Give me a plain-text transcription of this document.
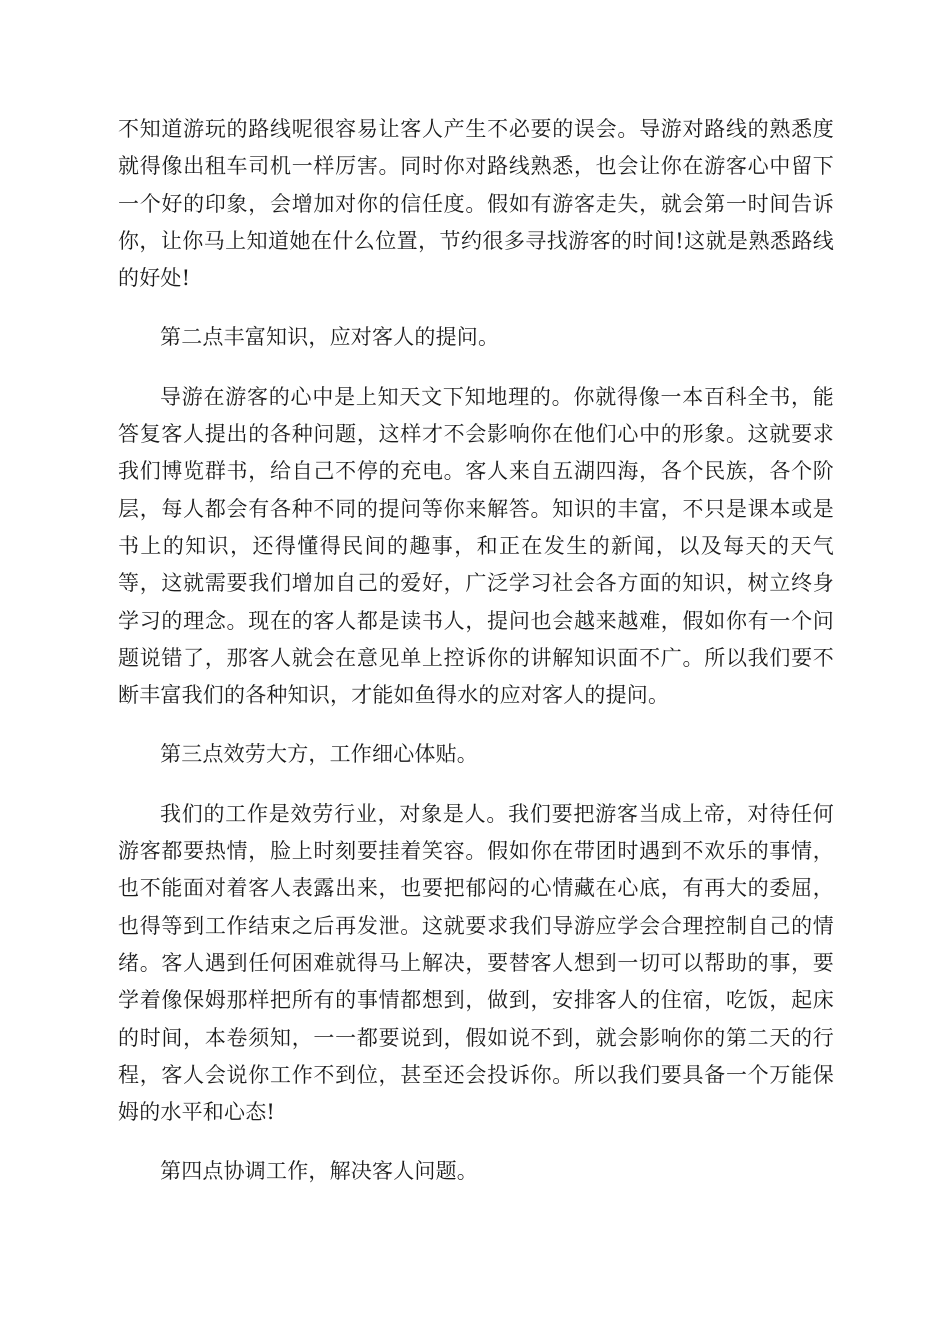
不知道游玩的路线呢很容易让客人产生不必要的误会。导游对路线的熟悉度就得像出租车司机一样厉害。同时你对路线熟悉，也会让你在游客心中留下一个好的印象，会增加对你的信任度。假如有游客走失，就会第一时间告诉你，让你马上知道她在什么位置，节约很多寻找游客的时间!这就是熟悉路线的好处!

第二点丰富知识，应对客人的提问。

导游在游客的心中是上知天文下知地理的。你就得像一本百科全书，能答复客人提出的各种问题，这样才不会影响你在他们心中的形象。这就要求我们博览群书，给自己不停的充电。客人来自五湖四海，各个民族，各个阶层，每人都会有各种不同的提问等你来解答。知识的丰富，不只是课本或是书上的知识，还得懂得民间的趣事，和正在发生的新闻，以及每天的天气等，这就需要我们增加自己的爱好，广泛学习社会各方面的知识，树立终身学习的理念。现在的客人都是读书人，提问也会越来越难，假如你有一个问题说错了，那客人就会在意见单上控诉你的讲解知识面不广。所以我们要不断丰富我们的各种知识，才能如鱼得水的应对客人的提问。

第三点效劳大方，工作细心体贴。

我们的工作是效劳行业，对象是人。我们要把游客当成上帝，对待任何游客都要热情，脸上时刻要挂着笑容。假如你在带团时遇到不欢乐的事情，也不能面对着客人表露出来，也要把郁闷的心情藏在心底，有再大的委屈，也得等到工作结束之后再发泄。这就要求我们导游应学会合理控制自己的情绪。客人遇到任何困难就得马上解决，要替客人想到一切可以帮助的事，要学着像保姆那样把所有的事情都想到，做到，安排客人的住宿，吃饭，起床的时间，本卷须知，一一都要说到，假如说不到，就会影响你的第二天的行程，客人会说你工作不到位，甚至还会投诉你。所以我们要具备一个万能保姆的水平和心态!

第四点协调工作，解决客人问题。
